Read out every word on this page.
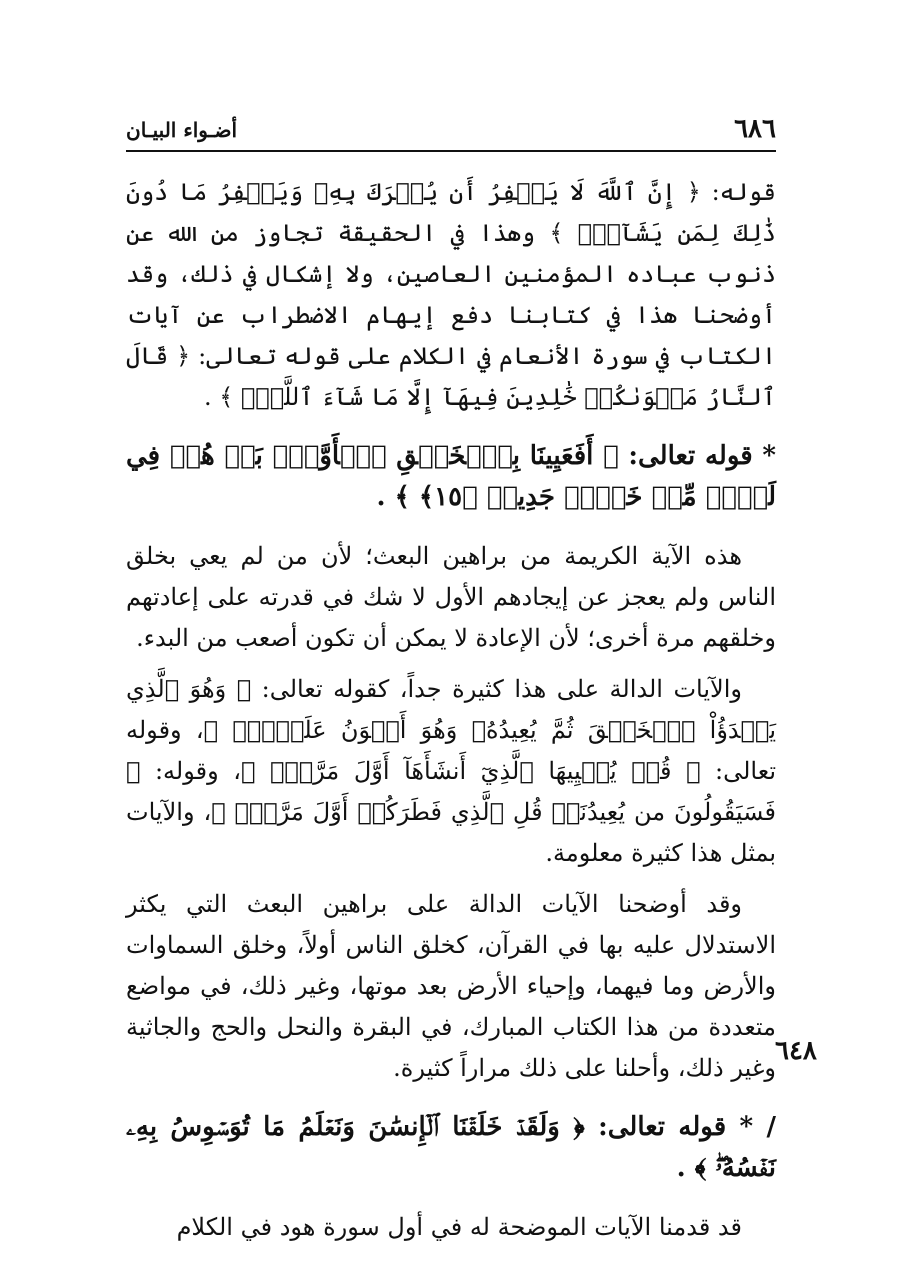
٦٨٦
أضـواء البيـان

قوله: ﴿ إِنَّ ٱللَّهَ لَا يَغۡفِرُ أَن يُشۡرَكَ بِهِۦ وَيَغۡفِرُ مَا دُونَ ذَٰلِكَ لِمَن يَشَآءُۚ ﴾ وهذا في الحقيقة تجاوز من الله عن ذنوب عباده المؤمنين العاصين، ولا إشكال في ذلك، وقد أوضحنا هذا في كتابنا دفع إيهام الاضطراب عن آيات الكتاب في سورة الأنعام في الكلام على قوله تعالى: ﴿ قَالَ ٱلنَّارُ مَثۡوَىٰكُمۡ خَٰلِدِينَ فِيهَآ إِلَّا مَا شَآءَ ٱللَّهُۗ ﴾ .

* قوله تعالى: ﴿ أَفَعَيِينَا بِٱلۡخَلۡقِ ٱلۡأَوَّلِۚ بَلۡ هُمۡ فِي لَبۡسٖ مِّنۡ خَلۡقٖ جَدِيدٖ ﴿١٥﴾ ﴾ .

هذه الآية الكريمة من براهين البعث؛ لأن من لم يعي بخلق الناس ولم يعجز عن إيجادهم الأول لا شك في قدرته على إعادتهم وخلقهم مرة أخرى؛ لأن الإعادة لا يمكن أن تكون أصعب من البدء.

والآيات الدالة على هذا كثيرة جداً، كقوله تعالى: ﴿ وَهُوَ ٱلَّذِي يَبۡدَؤُاْ ٱلۡخَلۡقَ ثُمَّ يُعِيدُهُۥ وَهُوَ أَهۡوَنُ عَلَيۡهِۚ ﴾، وقوله تعالى: ﴿ قُلۡ يُحۡيِيهَا ٱلَّذِيٓ أَنشَأَهَآ أَوَّلَ مَرَّةٖۖ ﴾، وقوله: ﴿ فَسَيَقُولُونَ من يُعِيدُنَاۖ قُلِ ٱلَّذِي فَطَرَكُمۡ أَوَّلَ مَرَّةٖۚ ﴾، والآيات بمثل هذا كثيرة معلومة.

وقد أوضحنا الآيات الدالة على براهين البعث التي يكثر الاستدلال عليه بها في القرآن، كخلق الناس أولاً، وخلق السماوات والأرض وما فيهما، وإحياء الأرض بعد موتها، وغير ذلك، في مواضع متعددة من هذا الكتاب المبارك، في البقرة والنحل والحج والجاثية وغير ذلك، وأحلنا على ذلك مراراً كثيرة.

/ * قوله تعالى: ﴿ وَلَقَدۡ خَلَقۡنَا ٱلۡإِنسَٰنَ وَنَعۡلَمُ مَا تُوَسۡوِسُ بِهِۦ نَفۡسُهُۥۖ ﴾ .

قد قدمنا الآيات الموضحة له في أول سورة هود في الكلام

٦٤٨
